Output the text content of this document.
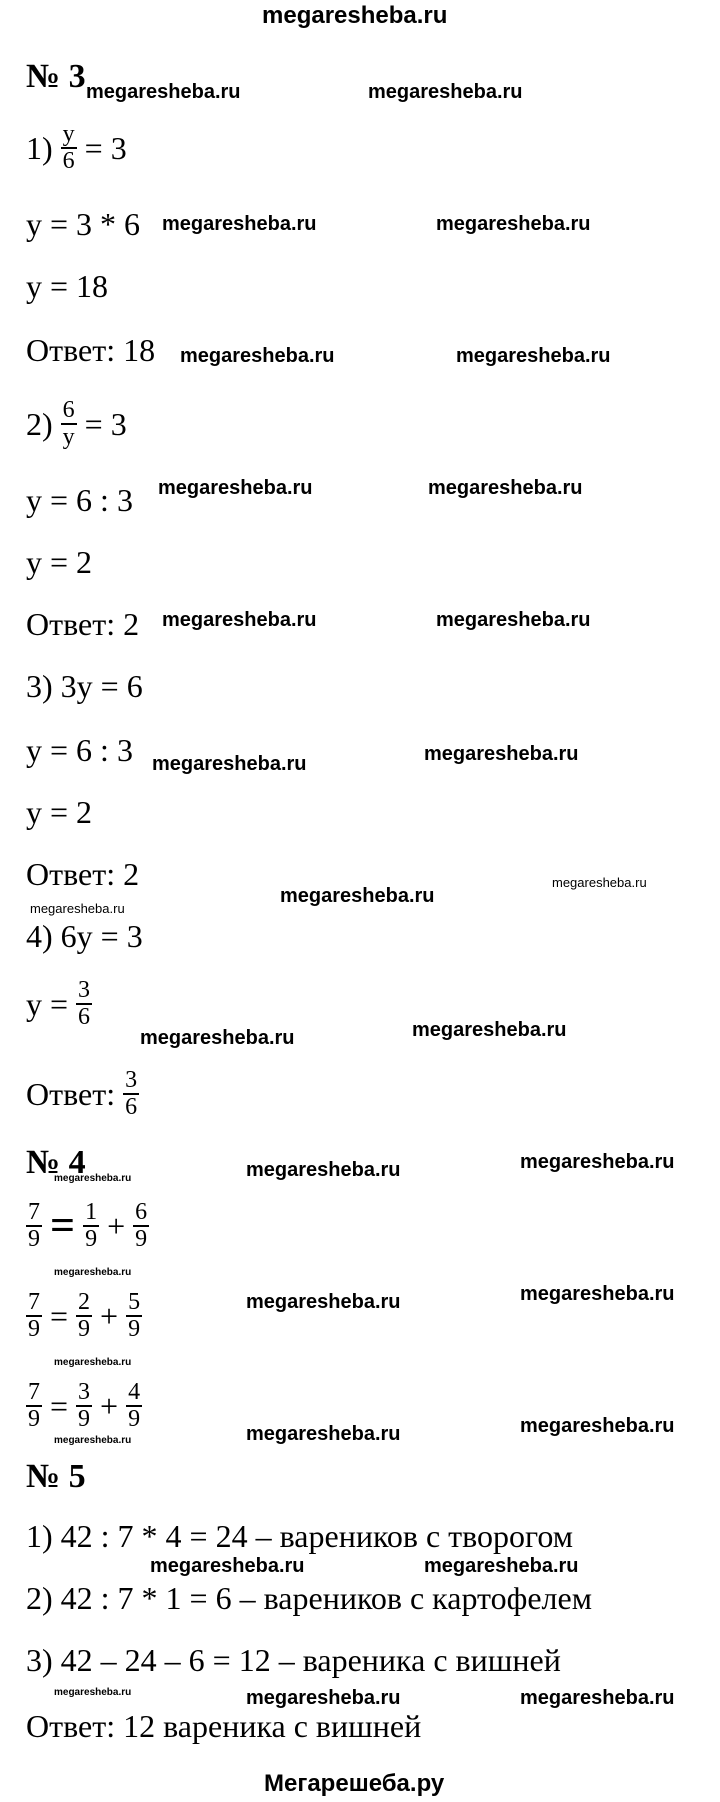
megaresheba.ru
№ 3
$1) \frac{y}{6} = 3$
y = 3 * 6
y = 18
Ответ: 18
$2) \frac{6}{y} = 3$
y = 6 : 3
y = 2
Ответ: 2
3) 3y = 6
y = 6 : 3
y = 2
Ответ: 2
4) 6y = 3
$y = \frac{3}{6}$
Ответ: $\frac{3}{6}$
№ 4
$\frac{7}{9} = \frac{1}{9} + \frac{6}{9}$
$\frac{7}{9} = \frac{2}{9} + \frac{5}{9}$
$\frac{7}{9} = \frac{3}{9} + \frac{4}{9}$
№ 5
1) 42 : 7 * 4 = 24 – вареников с творогом
2) 42 : 7 * 1 = 6 – вареников с картофелем
3) 42 – 24 – 6 = 12 – вареника с вишней
Ответ: 12 вареника с вишней
megaresheba.ru	megaresheba.ru
megaresheba.ru	megaresheba.ru
megaresheba.ru	megaresheba.ru
megaresheba.ru	megaresheba.ru
megaresheba.ru	megaresheba.ru
megaresheba.ru	megaresheba.ru
megaresheba.ru
megaresheba.ru
megaresheba.ru
megaresheba.ru	megaresheba.ru
megaresheba.ru	megaresheba.ru	megaresheba.ru
megaresheba.ru
megaresheba.ru	megaresheba.ru
megaresheba.ru
megaresheba.ru	megaresheba.ru	megaresheba.ru
megaresheba.ru	megaresheba.ru
megaresheba.ru	megaresheba.ru	megaresheba.ru
Мегарешеба.ру
